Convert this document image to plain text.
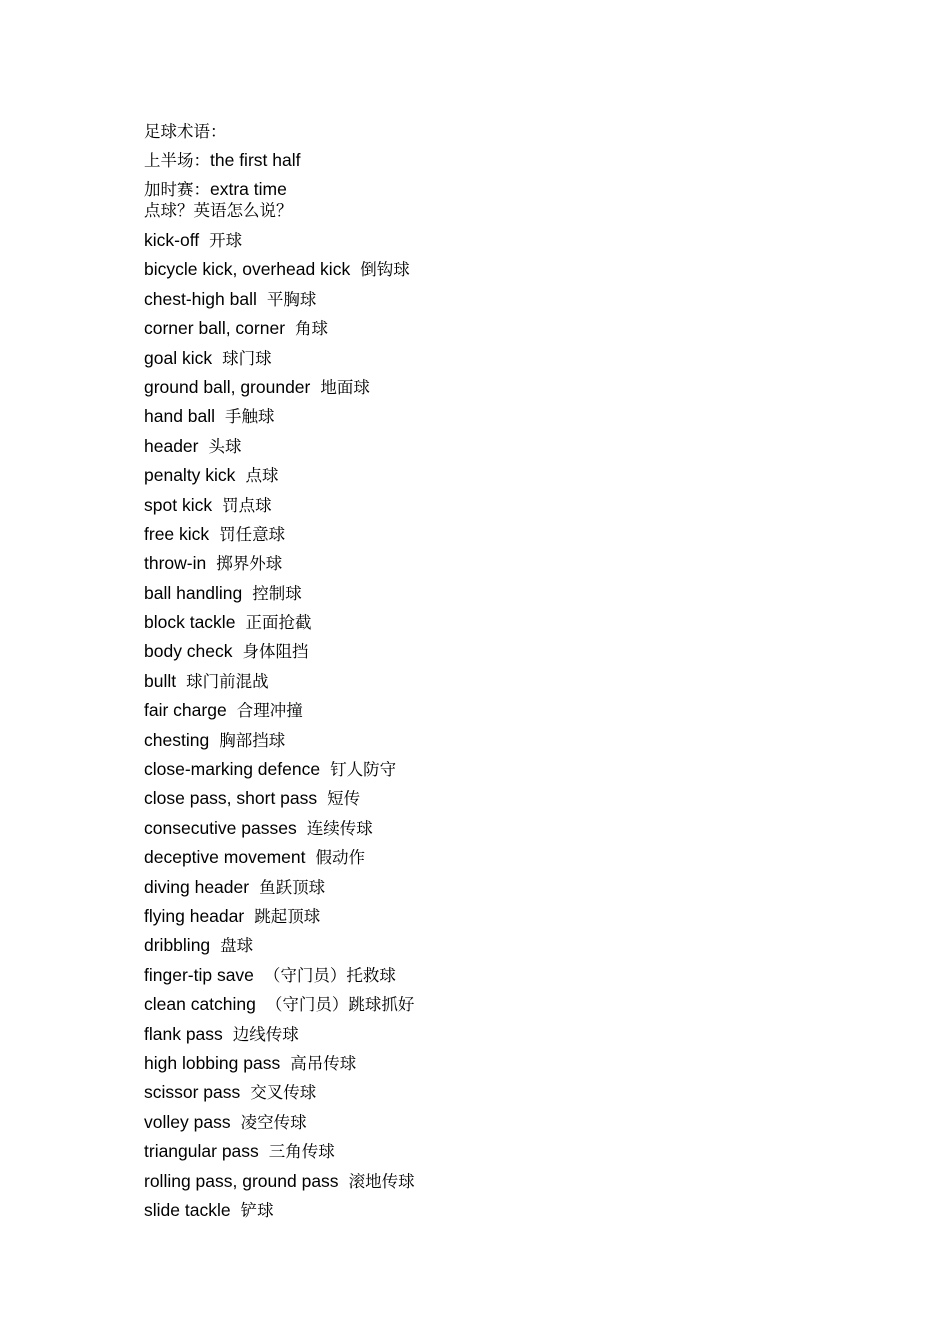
足球术语：
上半场：the first half
加时赛：extra time
点球？英语怎么说？
kick-off 开球
bicycle kick, overhead kick 倒钩球
chest-high ball 平胸球
corner ball, corner 角球
goal kick 球门球
ground ball, grounder 地面球
hand ball 手触球
header 头球
penalty kick 点球
spot kick 罚点球
free kick 罚任意球
throw-in 掷界外球
ball handling 控制球
block tackle 正面抢截
body check 身体阻挡
bullt 球门前混战
fair charge 合理冲撞
chesting 胸部挡球
close-marking defence 钉人防守
close pass, short pass 短传
consecutive passes 连续传球
deceptive movement 假动作
diving header 鱼跃顶球
flying headar 跳起顶球
dribbling 盘球
finger-tip save （守门员）托救球
clean catching （守门员）跳球抓好
flank pass 边线传球
high lobbing pass 高吊传球
scissor pass 交叉传球
volley pass 凌空传球
triangular pass 三角传球
rolling pass, ground pass 滚地传球
slide tackle 铲球
